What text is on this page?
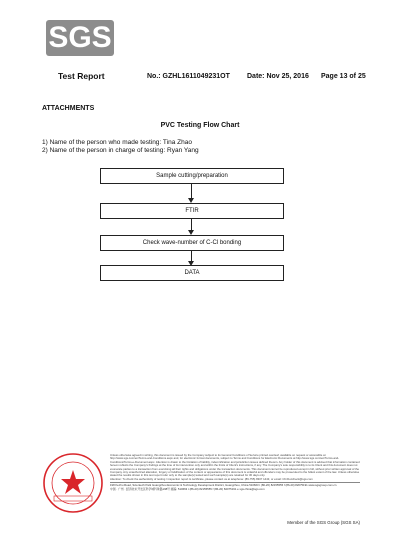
SGS
Test Report	No.: GZHL1611049231OT Date: Nov 25, 2016 Page 13 of 25
ATTACHMENTS
PVC Testing Flow Chart
1) Name of the person who made testing: Tina Zhao
2) Name of the person in charge of testing: Ryan Yang
Sample cutting/preparation
FTIR
Check wave-number of C-Cl bonding
DATA
Unless otherwise agreed in writing, this document is issued by the Company subject to its General Conditions of Service printed overleaf, available on request or accessible at http://www.sgs.com/en/Terms-and-Conditions.aspx and, for electronic format documents, subject to Terms and Conditions for Electronic Documents at http://www.sgs.com/en/Terms-and-Conditions/Terms-e-Document.aspx. Attention is drawn to the limitation of liability, indemnification and jurisdiction issues defined therein. Any holder of this document is advised that information contained hereon reflects the Company's findings at the time of its intervention only and within the limits of Client's instructions, if any. The Company's sole responsibility is to its Client and this document does not exonerate parties to a transaction from exercising all their rights and obligations under the transaction documents. This document cannot be reproduced except in full, without prior written approval of the Company. Any unauthorized alteration, forgery or falsification of the content or appearance of this document is unlawful and offenders may be prosecuted to the fullest extent of the law. Unless otherwise stated the results shown in this test report refer only to the sample(s) tested and such sample(s) are retained for 30 days only.
Attention: To check the authenticity of testing / inspection report & certificate, please contact us at telephone: (86-755) 8307 1443, or email: CN.Doccheck@sgs.com
198 Kezhu Road, Scientech Park Guangzhou Economic & Technology Development District, Guangzhou, China 510663 t (86-20) 82155555 f (86-20) 82075191 www.sgsgroup.com.cn
中国 · 广州 · 经济技术开发区科学城科珠路198号 邮编: 510663 t (86-20) 82155555 f (86-20) 82075191 e sgs.china@sgs.com
Member of the SGS Group (SGS SA)
